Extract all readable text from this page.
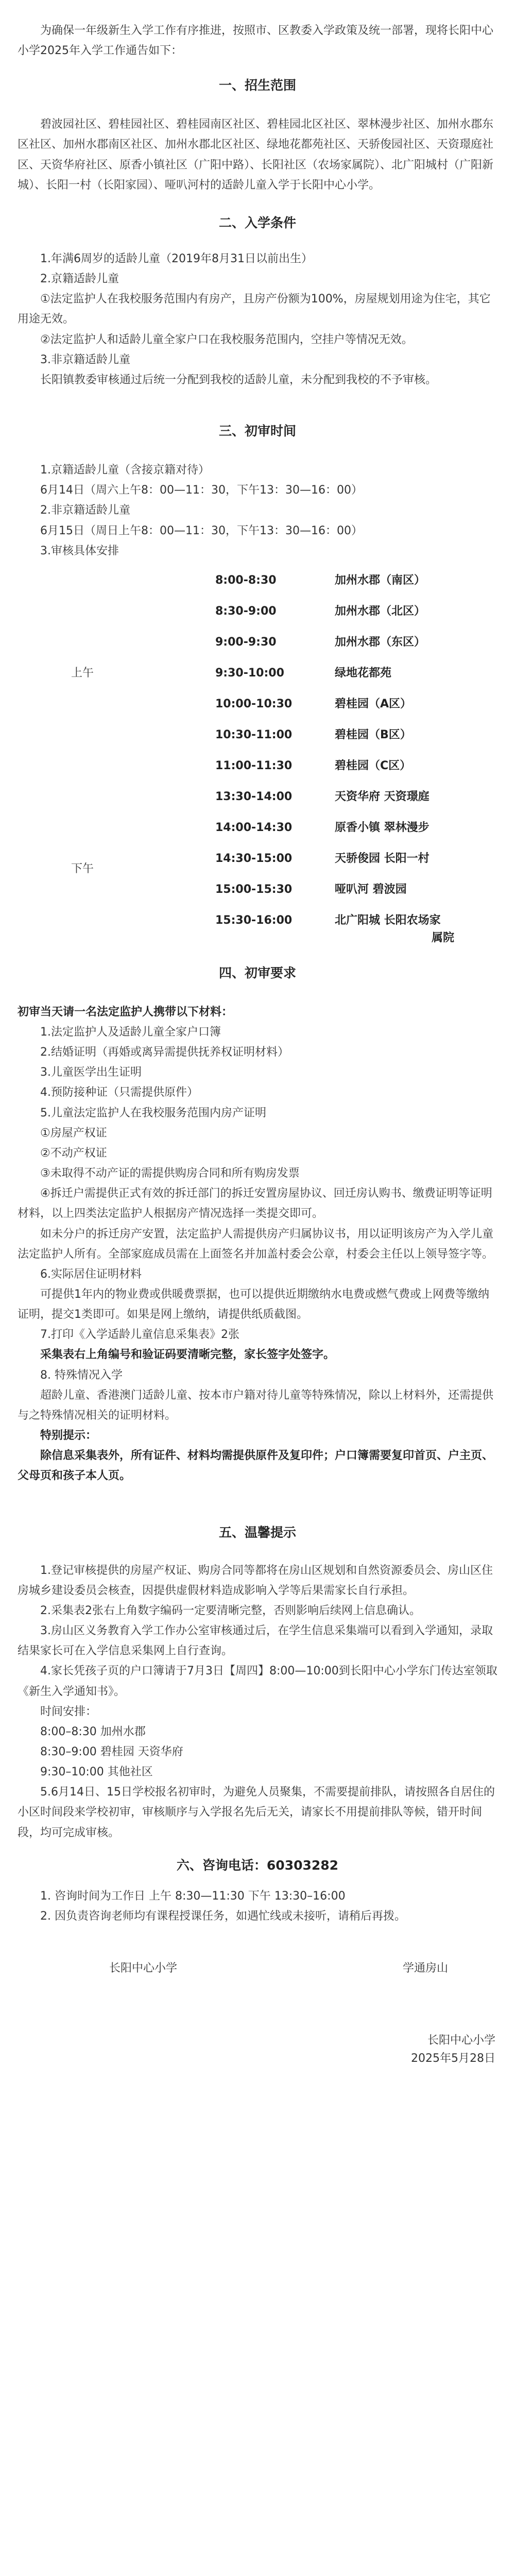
为确保一年级新生入学工作有序推进，按照市、区教委入学政策及统一部署，现将长阳中心小学2025年入学工作通告如下：

一、招生范围

碧波园社区、碧桂园社区、碧桂园南区社区、碧桂园北区社区、翠林漫步社区、加州水郡东区社区、加州水郡南区社区、加州水郡北区社区、绿地花都苑社区、天骄俊园社区、天资璟庭社区、天资华府社区、原香小镇社区（广阳中路）、长阳社区（农场家属院）、北广阳城村（广阳新城）、长阳一村（长阳家园）、哑叭河村的适龄儿童入学于长阳中心小学。

二、入学条件

1.年满6周岁的适龄儿童（2019年8月31日以前出生）

2.京籍适龄儿童

①法定监护人在我校服务范围内有房产，且房产份额为100%，房屋规划用途为住宅，其它用途无效。

②法定监护人和适龄儿童全家户口在我校服务范围内，空挂户等情况无效。

3.非京籍适龄儿童

长阳镇教委审核通过后统一分配到我校的适龄儿童，未分配到我校的不予审核。

三、初审时间

1.京籍适龄儿童（含接京籍对待）

6月14日（周六上午8：00—11：30，下午13：30—16：00）

2.非京籍适龄儿童

6月15日（周日上午8：00—11：30，下午13：30—16：00）

3.审核具体安排

上午
下午
8:00-8:30	加州水郡（南区）
8:30-9:00	加州水郡（北区）
9:00-9:30	加州水郡（东区）
9:30-10:00	绿地花都苑
10:00-10:30	碧桂园（A区）
10:30-11:00	碧桂园（B区）
11:00-11:30	碧桂园（C区）
13:30-14:00	天资华府 天资璟庭
14:00-14:30	原香小镇 翠林漫步
14:30-15:00	天骄俊园 长阳一村
15:00-15:30	哑叭河 碧波园
15:30-16:00	北广阳城 长阳农场家
属院

四、初审要求

初审当天请一名法定监护人携带以下材料：

1.法定监护人及适龄儿童全家户口簿

2.结婚证明（再婚或离异需提供抚养权证明材料）

3.儿童医学出生证明

4.预防接种证（只需提供原件）

5.儿童法定监护人在我校服务范围内房产证明

①房屋产权证

②不动产权证

③未取得不动产证的需提供购房合同和所有购房发票

④拆迁户需提供正式有效的拆迁部门的拆迁安置房屋协议、回迁房认购书、缴费证明等证明材料，以上四类法定监护人根据房产情况选择一类提交即可。

如未分户的拆迁房产安置，法定监护人需提供房产归属协议书，用以证明该房产为入学儿童法定监护人所有。全部家庭成员需在上面签名并加盖村委会公章，村委会主任以上领导签字等。

6.实际居住证明材料

可提供1年内的物业费或供暖费票据，也可以提供近期缴纳水电费或燃气费或上网费等缴纳证明，提交1类即可。如果是网上缴纳，请提供纸质截图。

7.打印《入学适龄儿童信息采集表》2张

采集表右上角编号和验证码要清晰完整，家长签字处签字。

8. 特殊情况入学

超龄儿童、香港澳门适龄儿童、按本市户籍对待儿童等特殊情况，除以上材料外，还需提供与之特殊情况相关的证明材料。

特别提示：

除信息采集表外，所有证件、材料均需提供原件及复印件；户口簿需要复印首页、户主页、父母页和孩子本人页。

五、温馨提示

1.登记审核提供的房屋产权证、购房合同等都将在房山区规划和自然资源委员会、房山区住房城乡建设委员会核查，因提供虚假材料造成影响入学等后果需家长自行承担。

2.采集表2张右上角数字编码一定要清晰完整，否则影响后续网上信息确认。

3.房山区义务教育入学工作办公室审核通过后，在学生信息采集端可以看到入学通知，录取结果家长可在入学信息采集网上自行查询。

4.家长凭孩子页的户口簿请于7月3日【周四】8:00—10:00到长阳中心小学东门传达室领取《新生入学通知书》。

时间安排：

8:00–8:30 加州水郡

8:30–9:00 碧桂园 天资华府

9:30–10:00 其他社区

5.6月14日、15日学校报名初审时，为避免人员聚集，不需要提前排队，请按照各自居住的小区时间段来学校初审，审核顺序与入学报名先后无关，请家长不用提前排队等候，错开时间段，均可完成审核。

六、咨询电话：60303282

1. 咨询时间为工作日 上午 8:30—11:30 下午 13:30–16:00

2. 因负责咨询老师均有课程授课任务，如遇忙线或未接听，请稍后再拨。

长阳中心小学	学通房山

长阳中心小学

2025年5月28日
